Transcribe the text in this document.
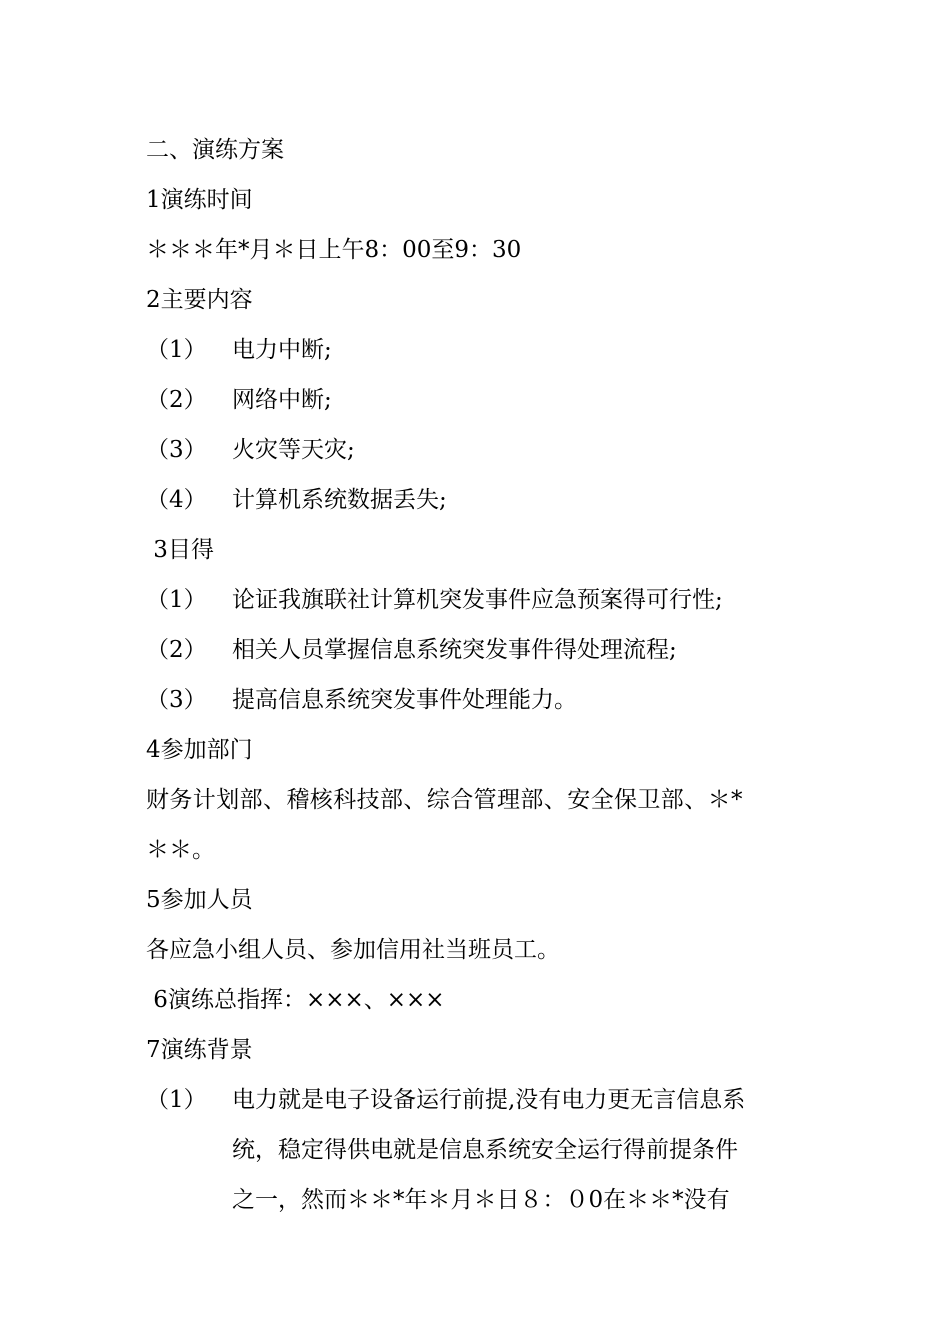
二、演练方案
1演练时间
＊＊＊年*月＊日上午8：00至9：30
2主要内容
（1） 电力中断;
（2） 网络中断;
（3） 火灾等天灾;
（4） 计算机系统数据丢失;
3目得
（1） 论证我旗联社计算机突发事件应急预案得可行性;
（2） 相关人员掌握信息系统突发事件得处理流程;
（3） 提高信息系统突发事件处理能力。
4参加部门
财务计划部、稽核科技部、综合管理部、安全保卫部、＊*
＊＊。
5参加人员
各应急小组人员、参加信用社当班员工。
6演练总指挥：×××、×××
7演练背景
（1） 电力就是电子设备运行前提,没有电力更无言信息系
统，稳定得供电就是信息系统安全运行得前提条件
之一，然而＊＊*年＊月＊日８：０0在＊＊*没有
